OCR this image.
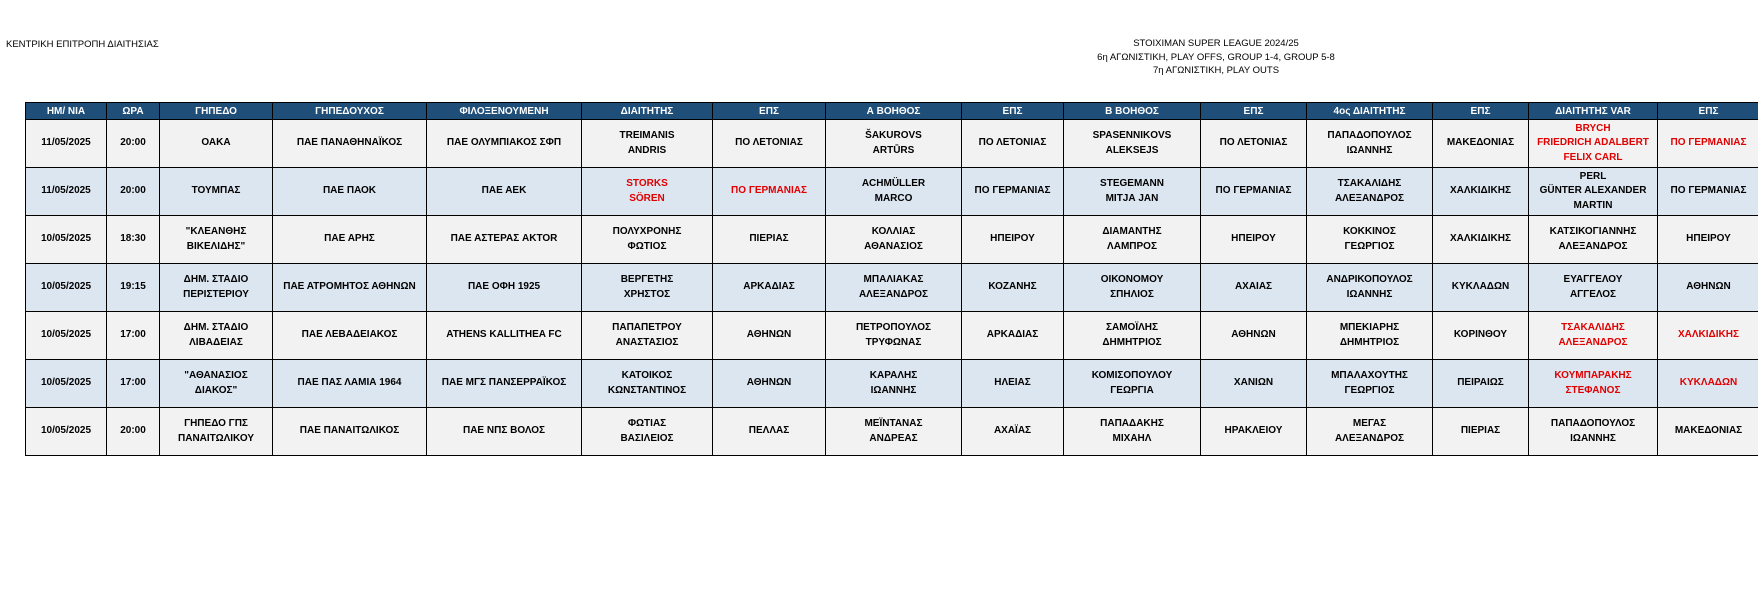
ΚΕΝΤΡΙΚΗ ΕΠΙΤΡΟΠΗ ΔΙΑΙΤΗΣΙΑΣ	STOIXIMAN SUPER LEAGUE 2024/25
6η ΑΓΩΝΙΣΤΙΚΗ, PLAY OFFS, GROUP 1-4, GROUP 5-8
7η ΑΓΩΝΙΣΤΙΚΗ, PLAY OUTS
ΗΜ/ ΝΙΑ	ΩΡΑ	ΓΗΠΕΔΟ	ΓΗΠΕΔΟΥΧΟΣ	ΦΙΛΟΞΕΝΟΥΜΕΝΗ	ΔΙΑΙΤΗΤΗΣ	ΕΠΣ	Α ΒΟΗΘΟΣ	ΕΠΣ	Β ΒΟΗΘΟΣ	ΕΠΣ	4ος ΔΙΑΙΤΗΤΗΣ	ΕΠΣ	ΔΙΑΙΤΗΤΗΣ VAR	ΕΠΣ

11/05/2025	20:00	ΟΑΚΑ	ΠΑΕ ΠΑΝΑΘΗΝΑΪΚΟΣ	ΠΑΕ ΟΛΥΜΠΙΑΚΟΣ ΣΦΠ	TREIMANIS
ANDRIS	ΠΟ ΛΕΤΟΝΙΑΣ	ŠAKUROVS
ARTŪRS	ΠΟ ΛΕΤΟΝΙΑΣ	SPASENNIKOVS
ALEKSEJS	ΠΟ ΛΕΤΟΝΙΑΣ	ΠΑΠΑΔΟΠΟΥΛΟΣ
ΙΩΑΝΝΗΣ	ΜΑΚΕΔΟΝΙΑΣ	BRYCH
FRIEDRICH ADALBERT
FELIX CARL	ΠΟ ΓΕΡΜΑΝΙΑΣ

11/05/2025	20:00	ΤΟΥΜΠΑΣ	ΠΑΕ ΠΑΟΚ	ΠΑΕ ΑΕΚ	STORKS
SÖREN	ΠΟ ΓΕΡΜΑΝΙΑΣ	ACHMÜLLER
MARCO	ΠΟ ΓΕΡΜΑΝΙΑΣ	STEGEMANN
ΜΙΤJΑ JAN	ΠΟ ΓΕΡΜΑΝΙΑΣ	ΤΣΑΚΑΛΙΔΗΣ
ΑΛΕΞΑΝΔΡΟΣ	ΧΑΛΚΙΔΙΚΗΣ	PERL
GÜNTER ALEXANDER
MARTIN	ΠΟ ΓΕΡΜΑΝΙΑΣ

10/05/2025	18:30	"ΚΛΕΑΝΘΗΣ
ΒΙΚΕΛΙΔΗΣ"	ΠΑΕ ΑΡΗΣ	ΠΑΕ ΑΣΤΕΡΑΣ AKTOR	ΠΟΛΥΧΡΟΝΗΣ
ΦΩΤΙΟΣ	ΠΙΕΡΙΑΣ	ΚΟΛΛΙΑΣ
ΑΘΑΝΑΣΙΟΣ	ΗΠΕΙΡΟΥ	ΔΙΑΜΑΝΤΗΣ
ΛΑΜΠΡΟΣ	ΗΠΕΙΡΟΥ	ΚΟΚΚΙΝΟΣ
ΓΕΩΡΓΙΟΣ	ΧΑΛΚΙΔΙΚΗΣ	ΚΑΤΣΙΚΟΓΙΑΝΝΗΣ
ΑΛΕΞΑΝΔΡΟΣ	ΗΠΕΙΡΟΥ

10/05/2025	19:15	ΔΗΜ. ΣΤΑΔΙΟ
ΠΕΡΙΣΤΕΡΙΟΥ	ΠΑΕ ΑΤΡΟΜΗΤΟΣ ΑΘΗΝΩΝ	ΠΑΕ ΟΦΗ 1925	ΒΕΡΓΕΤΗΣ
ΧΡΗΣΤΟΣ	ΑΡΚΑΔΙΑΣ	ΜΠΑΛΙΑΚΑΣ
ΑΛΕΞΑΝΔΡΟΣ	ΚΟΖΑΝΗΣ	ΟΙΚΟΝΟΜΟΥ
ΣΠΗΛΙΟΣ	ΑΧΑΙΑΣ	ΑΝΔΡΙΚΟΠΟΥΛΟΣ
ΙΩΑΝΝΗΣ	ΚΥΚΛΑΔΩΝ	ΕΥΑΓΓΕΛΟΥ
ΑΓΓΕΛΟΣ	ΑΘΗΝΩΝ

10/05/2025	17:00	ΔΗΜ. ΣΤΑΔΙΟ
ΛΙΒΑΔΕΙΑΣ	ΠΑΕ ΛΕΒΑΔΕΙΑΚΟΣ	ATHENS KALLITHEA FC	ΠΑΠΑΠΕΤΡΟΥ
ΑΝΑΣΤΑΣΙΟΣ	ΑΘΗΝΩΝ	ΠΕΤΡΟΠΟΥΛΟΣ
ΤΡΥΦΩΝΑΣ	ΑΡΚΑΔΙΑΣ	ΣΑΜΟΪΛΗΣ
ΔΗΜΗΤΡΙΟΣ	ΑΘΗΝΩΝ	ΜΠΕΚΙΑΡΗΣ
ΔΗΜΗΤΡΙΟΣ	ΚΟΡΙΝΘΟΥ	ΤΣΑΚΑΛΙΔΗΣ
ΑΛΕΞΑΝΔΡΟΣ	ΧΑΛΚΙΔΙΚΗΣ

10/05/2025	17:00	"ΑΘΑΝΑΣΙΟΣ
ΔΙΑΚΟΣ"	ΠΑΕ ΠΑΣ ΛΑΜΙΑ 1964	ΠΑΕ ΜΓΣ ΠΑΝΣΕΡΡΑΪΚΟΣ	ΚΑΤΟΙΚΟΣ
ΚΩΝΣΤΑΝΤΙΝΟΣ	ΑΘΗΝΩΝ	ΚΑΡΑΛΗΣ
ΙΩΑΝΝΗΣ	ΗΛΕΙΑΣ	ΚΟΜΙΣΟΠΟΥΛΟΥ
ΓΕΩΡΓΙΑ	ΧΑΝΙΩΝ	ΜΠΑΛΑΧΟΥΤΗΣ
ΓΕΩΡΓΙΟΣ	ΠΕΙΡΑΙΩΣ	ΚΟΥΜΠΑΡΑΚΗΣ
ΣΤΕΦΑΝΟΣ	ΚΥΚΛΑΔΩΝ

10/05/2025	20:00	ΓΗΠΕΔΟ ΓΠΣ
ΠΑΝΑΙΤΩΛΙΚΟΥ	ΠΑΕ ΠΑΝΑΙΤΩΛΙΚΟΣ	ΠΑΕ ΝΠΣ ΒΟΛΟΣ	ΦΩΤΙΑΣ
ΒΑΣΙΛΕΙΟΣ	ΠΕΛΛΑΣ	ΜΕΪΝΤΑΝΑΣ
ΑΝΔΡΕΑΣ	ΑΧΑΪΑΣ	ΠΑΠΑΔΑΚΗΣ
ΜΙΧΑΗΛ	ΗΡΑΚΛΕΙΟΥ	ΜΕΓΑΣ
ΑΛΕΞΑΝΔΡΟΣ	ΠΙΕΡΙΑΣ	ΠΑΠΑΔΟΠΟΥΛΟΣ
ΙΩΑΝΝΗΣ	ΜΑΚΕΔΟΝΙΑΣ
